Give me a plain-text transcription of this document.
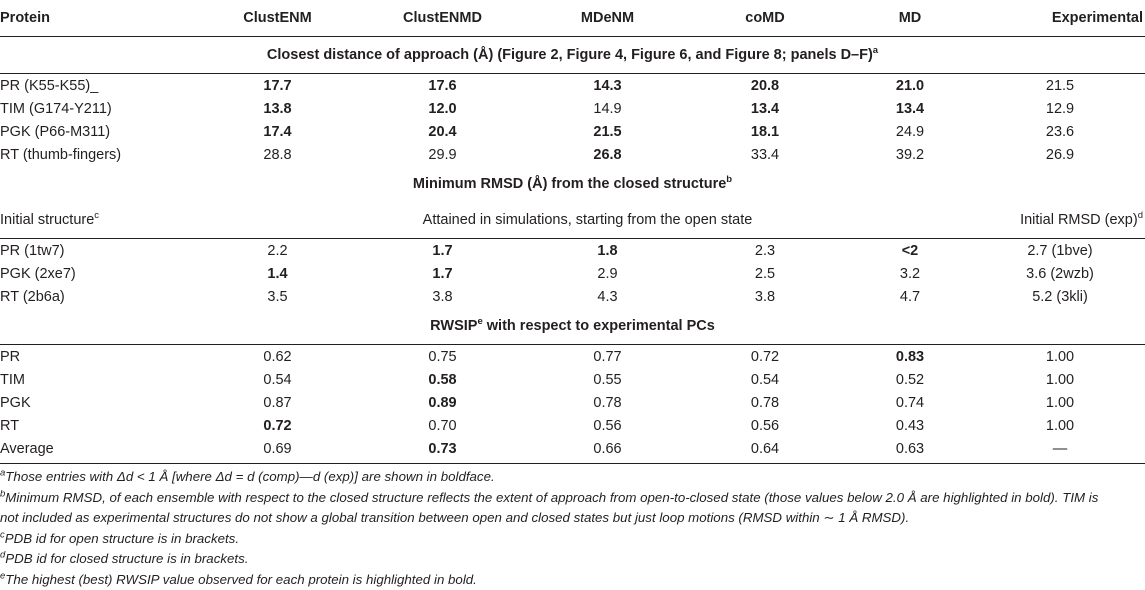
Protein	ClustENM	ClustENMD	MDeNM	coMD	MD	Experimental
Closest distance of approach (Å) (Figure 2, Figure 4, Figure 6, and Figure 8; panels D–F)$^a$
PR (K55-K55)_	17.7	17.6	14.3	20.8	21.0	21.5
TIM (G174-Y211)	13.8	12.0	14.9	13.4	13.4	12.9
PGK (P66-M311)	17.4	20.4	21.5	18.1	24.9	23.6
RT (thumb-fingers)	28.8	29.9	26.8	33.4	39.2	26.9
Minimum RMSD (Å) from the closed structure$^b$
Initial structure$^c$	Attained in simulations, starting from the open state					Initial RMSD $(\exp)^d$
PR (1tw7)	2.2	1.7	1.8	2.3	<2	2.7 (1bve)
PGK (2xe7)	1.4	1.7	2.9	2.5	3.2	3.6 (2wzb)
RT (2b6a)	3.5	3.8	4.3	3.8	4.7	5.2 (3kli)
RWSIP$^e$ with respect to experimental PCs						
PR	0.62	0.75	0.77	0.72	0.83	1.00
TIM	0.54	0.58	0.55	0.54	0.52	1.00
PGK	0.87	0.89	0.78	0.78	0.74	1.00
RT	0.72	0.70	0.56	0.56	0.43	1.00
Average	0.69	0.73	0.66	0.64	0.63	—
$^a$Those entries with Δd < 1 Å [where Δd = d (comp)—d (exp)] are shown in boldface.
$^b$Minimum RMSD, of each ensemble with respect to the closed structure reflects the extent of approach from open-to-closed state (those values below 2.0 Å are highlighted in bold). TIM is
not included as experimental structures do not show a global transition between open and closed states but just loop motions (RMSD within ∼ 1 Å RMSD).
$^c$PDB id for open structure is in brackets.
$^d$PDB id for closed structure is in brackets.
$^e$The highest (best) RWSIP value observed for each protein is highlighted in bold.
